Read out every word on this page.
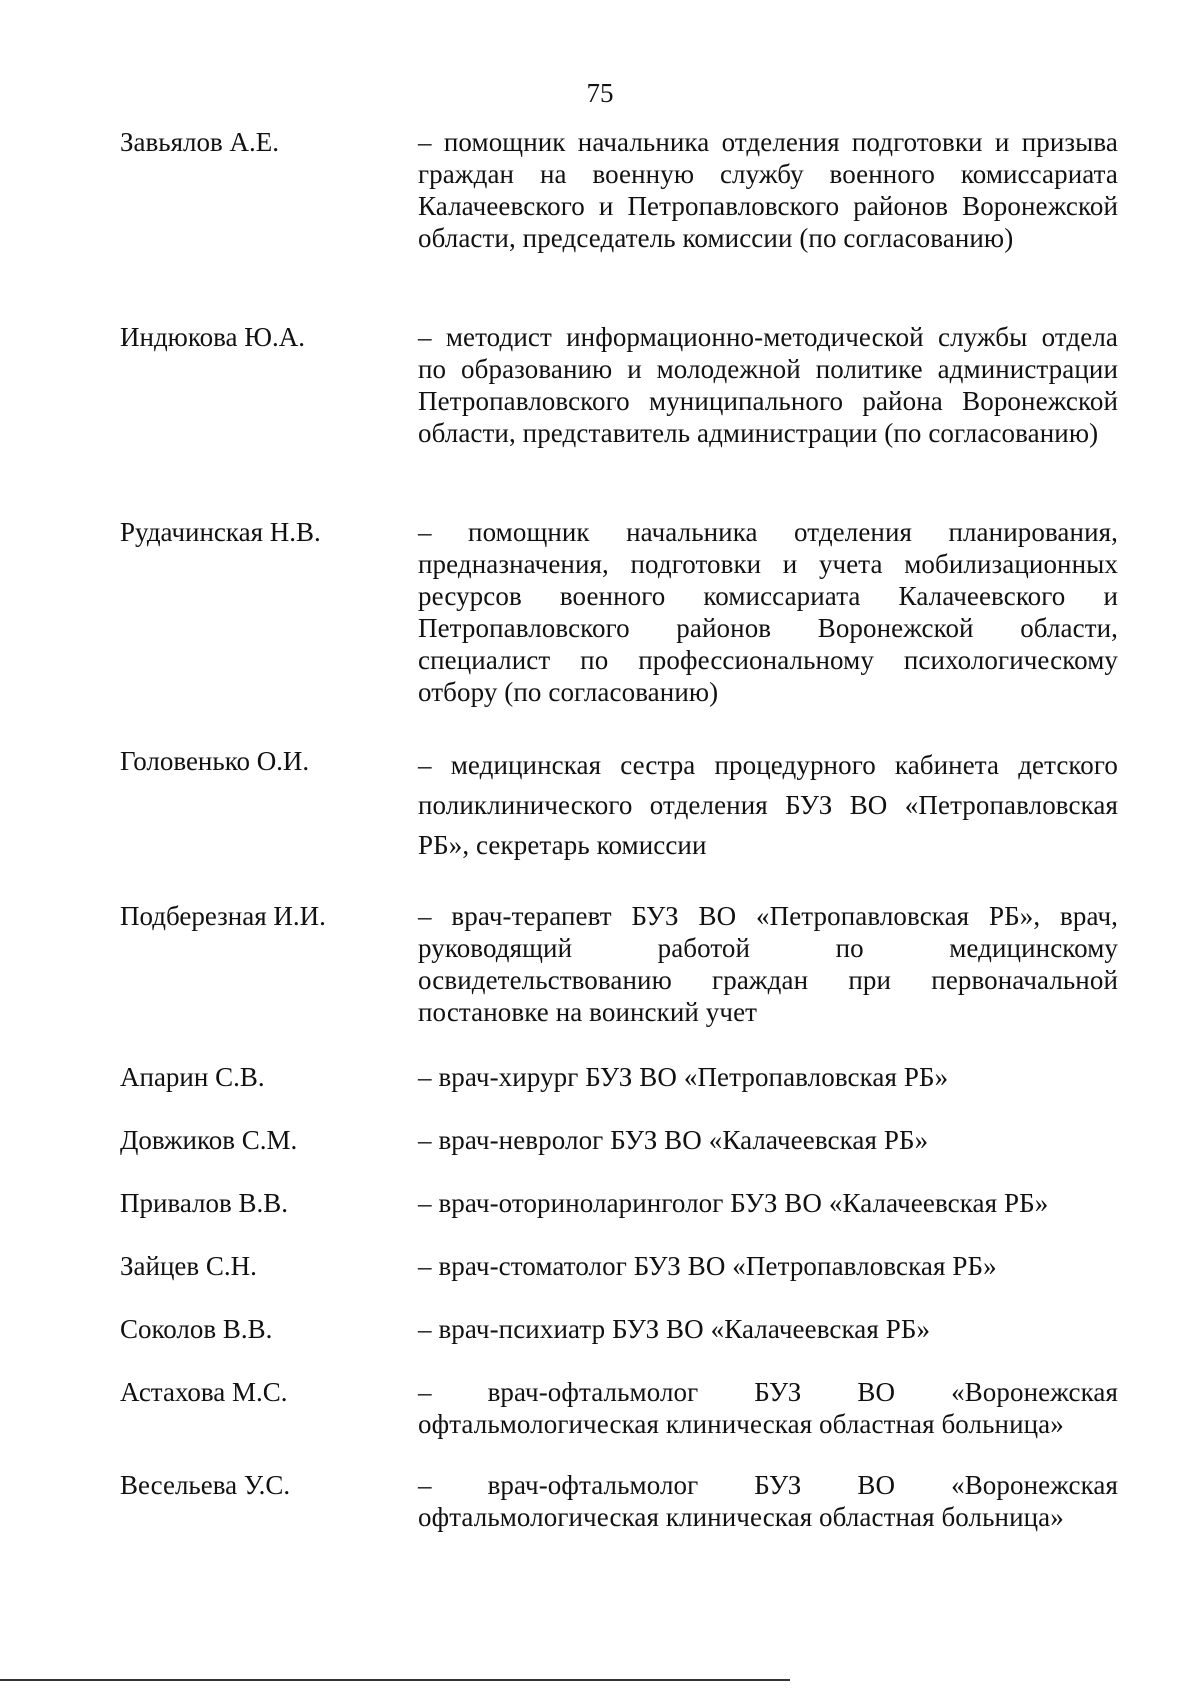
75
Завьялов А.Е.	– помощник начальника отделения подготовки и призыва граждан на военную службу военного комиссариата Калачеевского и Петропавловского районов Воронежской области, председатель комиссии (по согласованию)
Индюкова Ю.А.	– методист информационно-методической службы отдела по образованию и молодежной политике администрации Петропавловского муниципального района Воронежской области, представитель администрации (по согласованию)
Рудачинская Н.В.	– помощник начальника отделения планирования, предназначения, подготовки и учета мобилизационных ресурсов военного комиссариата Калачеевского и Петропавловского районов Воронежской области, специалист по профессиональному психологическому отбору (по согласованию)
Головенько О.И.	– медицинская сестра процедурного кабинета детского поликлинического отделения БУЗ ВО «Петропавловская РБ», секретарь комиссии
Подберезная И.И.	– врач-терапевт БУЗ ВО «Петропавловская РБ», врач, руководящий работой по медицинскому освидетельствованию граждан при первоначальной постановке на воинский учет
Апарин С.В.	– врач-хирург БУЗ ВО «Петропавловская РБ»
Довжиков С.М.	– врач-невролог БУЗ ВО «Калачеевская РБ»
Привалов В.В.	– врач-оториноларинголог БУЗ ВО «Калачеевская РБ»
Зайцев С.Н.	– врач-стоматолог БУЗ ВО «Петропавловская РБ»
Соколов В.В.	– врач-психиатр БУЗ ВО «Калачеевская РБ»
Астахова М.С.	– врач-офтальмолог БУЗ ВО «Воронежская офтальмологическая клиническая областная больница»
Весельева У.С.	– врач-офтальмолог БУЗ ВО «Воронежская офтальмологическая клиническая областная больница»
